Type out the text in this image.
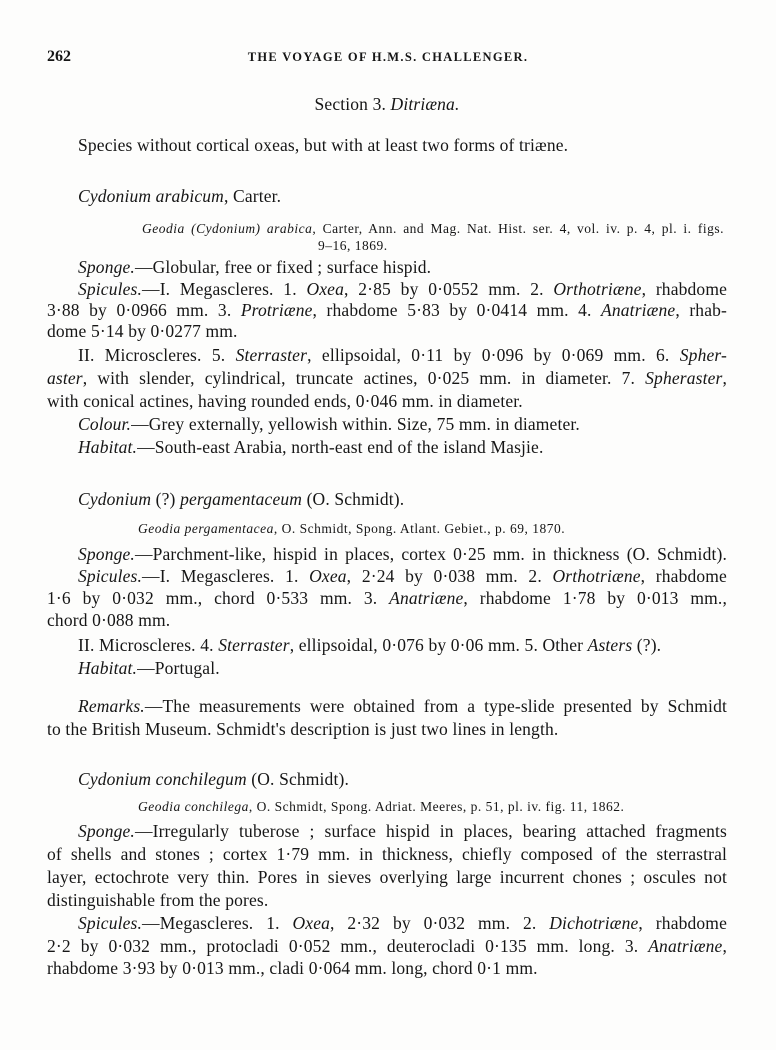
262	THE VOYAGE OF H.M.S. CHALLENGER.
Section 3. Ditriæna.
Species without cortical oxeas, but with at least two forms of triæne.
Cydonium arabicum, Carter.
Geodia (Cydonium) arabica, Carter, Ann. and Mag. Nat. Hist. ser. 4, vol. iv. p. 4, pl. i. figs.
9–16, 1869.
Sponge.—Globular, free or fixed ; surface hispid.
Spicules.—I. Megascleres. 1. Oxea, 2·85 by 0·0552 mm. 2. Orthotriæne, rhabdome
3·88 by 0·0966 mm. 3. Protriæne, rhabdome 5·83 by 0·0414 mm. 4. Anatriæne, rhab-
dome 5·14 by 0·0277 mm.
II. Microscleres. 5. Sterraster, ellipsoidal, 0·11 by 0·096 by 0·069 mm. 6. Spher-
aster, with slender, cylindrical, truncate actines, 0·025 mm. in diameter. 7. Spheraster,
with conical actines, having rounded ends, 0·046 mm. in diameter.
Colour.—Grey externally, yellowish within. Size, 75 mm. in diameter.
Habitat.—South-east Arabia, north-east end of the island Masjie.
Cydonium (?) pergamentaceum (O. Schmidt).
Geodia pergamentacea, O. Schmidt, Spong. Atlant. Gebiet., p. 69, 1870.
Sponge.—Parchment-like, hispid in places, cortex 0·25 mm. in thickness (O. Schmidt).
Spicules.—I. Megascleres. 1. Oxea, 2·24 by 0·038 mm. 2. Orthotriæne, rhabdome
1·6 by 0·032 mm., chord 0·533 mm. 3. Anatriæne, rhabdome 1·78 by 0·013 mm.,
chord 0·088 mm.
II. Microscleres. 4. Sterraster, ellipsoidal, 0·076 by 0·06 mm. 5. Other Asters (?).
Habitat.—Portugal.
Remarks.—The measurements were obtained from a type-slide presented by Schmidt
to the British Museum. Schmidt's description is just two lines in length.
Cydonium conchilegum (O. Schmidt).
Geodia conchilega, O. Schmidt, Spong. Adriat. Meeres, p. 51, pl. iv. fig. 11, 1862.
Sponge.—Irregularly tuberose ; surface hispid in places, bearing attached fragments
of shells and stones ; cortex 1·79 mm. in thickness, chiefly composed of the sterrastral
layer, ectochrote very thin. Pores in sieves overlying large incurrent chones ; oscules not
distinguishable from the pores.
Spicules.—Megascleres. 1. Oxea, 2·32 by 0·032 mm. 2. Dichotriæne, rhabdome
2·2 by 0·032 mm., protocladi 0·052 mm., deuterocladi 0·135 mm. long. 3. Anatriæne,
rhabdome 3·93 by 0·013 mm., cladi 0·064 mm. long, chord 0·1 mm.
